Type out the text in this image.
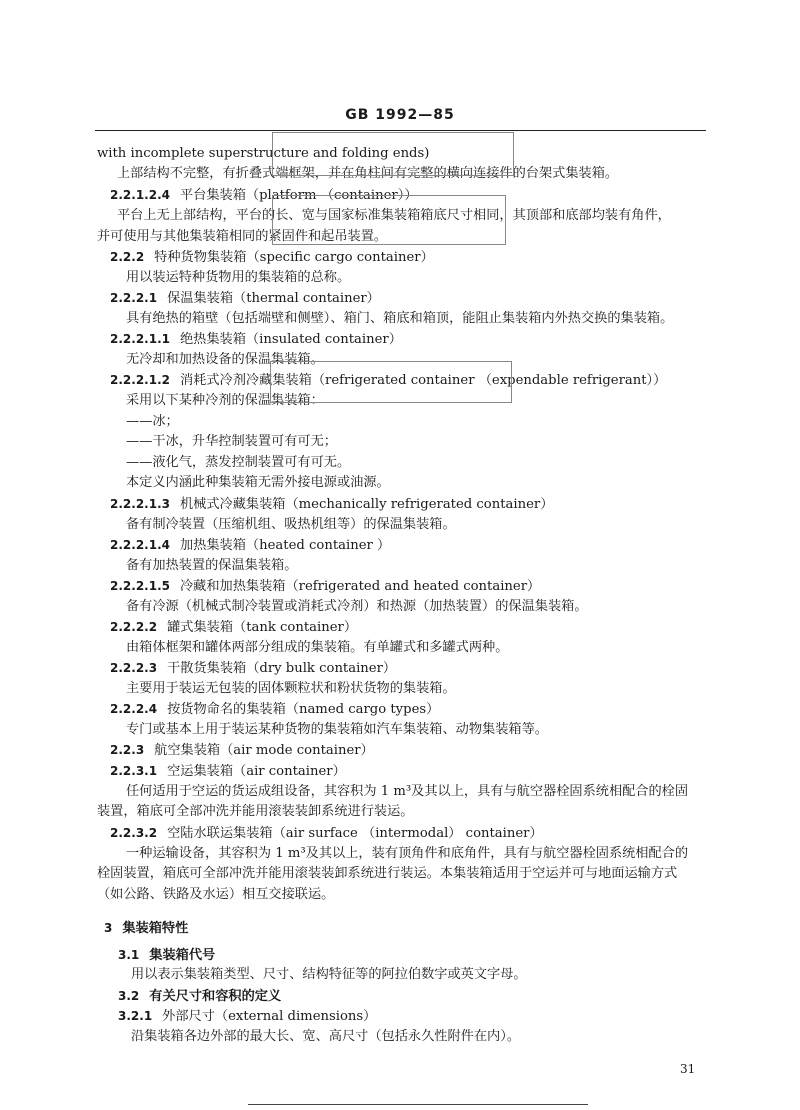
GB 1992—85
with incomplete superstructure and folding ends)
上部结构不完整，有折叠式端框架，并在角柱间有完整的横向连接件的台架式集装箱。
2.2.1.2.4 平台集装箱（platform （container））
平台上无上部结构，平台的长、宽与国家标准集装箱箱底尺寸相同，其顶部和底部均装有角件，
并可使用与其他集装箱相同的紧固件和起吊装置。
2.2.2 特种货物集装箱（specific cargo container）
用以装运特种货物用的集装箱的总称。
2.2.2.1 保温集装箱（thermal container）
具有绝热的箱壁（包括端壁和侧壁）、箱门、箱底和箱顶，能阻止集装箱内外热交换的集装箱。
2.2.2.1.1 绝热集装箱（insulated container）
无冷却和加热设备的保温集装箱。
2.2.2.1.2 消耗式冷剂冷藏集装箱（refrigerated container （expendable refrigerant））
采用以下某种冷剂的保温集装箱：
——冰；
——干冰，升华控制装置可有可无；
——液化气，蒸发控制装置可有可无。
本定义内涵此种集装箱无需外接电源或油源。
2.2.2.1.3 机械式冷藏集装箱（mechanically refrigerated container）
备有制冷装置（压缩机组、吸热机组等）的保温集装箱。
2.2.2.1.4 加热集装箱（heated container ）
备有加热装置的保温集装箱。
2.2.2.1.5 冷藏和加热集装箱（refrigerated and heated container）
备有冷源（机械式制冷装置或消耗式冷剂）和热源（加热装置）的保温集装箱。
2.2.2.2 罐式集装箱（tank container）
由箱体框架和罐体两部分组成的集装箱。有单罐式和多罐式两种。
2.2.2.3 干散货集装箱（dry bulk container）
主要用于装运无包装的固体颗粒状和粉状货物的集装箱。
2.2.2.4 按货物命名的集装箱（named cargo types）
专门或基本上用于装运某种货物的集装箱如汽车集装箱、动物集装箱等。
2.2.3 航空集装箱（air mode container）
2.2.3.1 空运集装箱（air container）
任何适用于空运的货运成组设备，其容积为 1 m³及其以上，具有与航空器栓固系统相配合的栓固
装置，箱底可全部冲洗并能用滚装装卸系统进行装运。
2.2.3.2 空陆水联运集装箱（air surface （intermodal） container）
一种运输设备，其容积为 1 m³及其以上，装有顶角件和底角件，具有与航空器栓固系统相配合的
栓固装置，箱底可全部冲洗并能用滚装装卸系统进行装运。本集装箱适用于空运并可与地面运输方式
（如公路、铁路及水运）相互交接联运。
3 集装箱特性
3.1 集装箱代号
用以表示集装箱类型、尺寸、结构特征等的阿拉伯数字或英文字母。
3.2 有关尺寸和容积的定义
3.2.1 外部尺寸（external dimensions）
沿集装箱各边外部的最大长、宽、高尺寸（包括永久性附件在内）。
31
